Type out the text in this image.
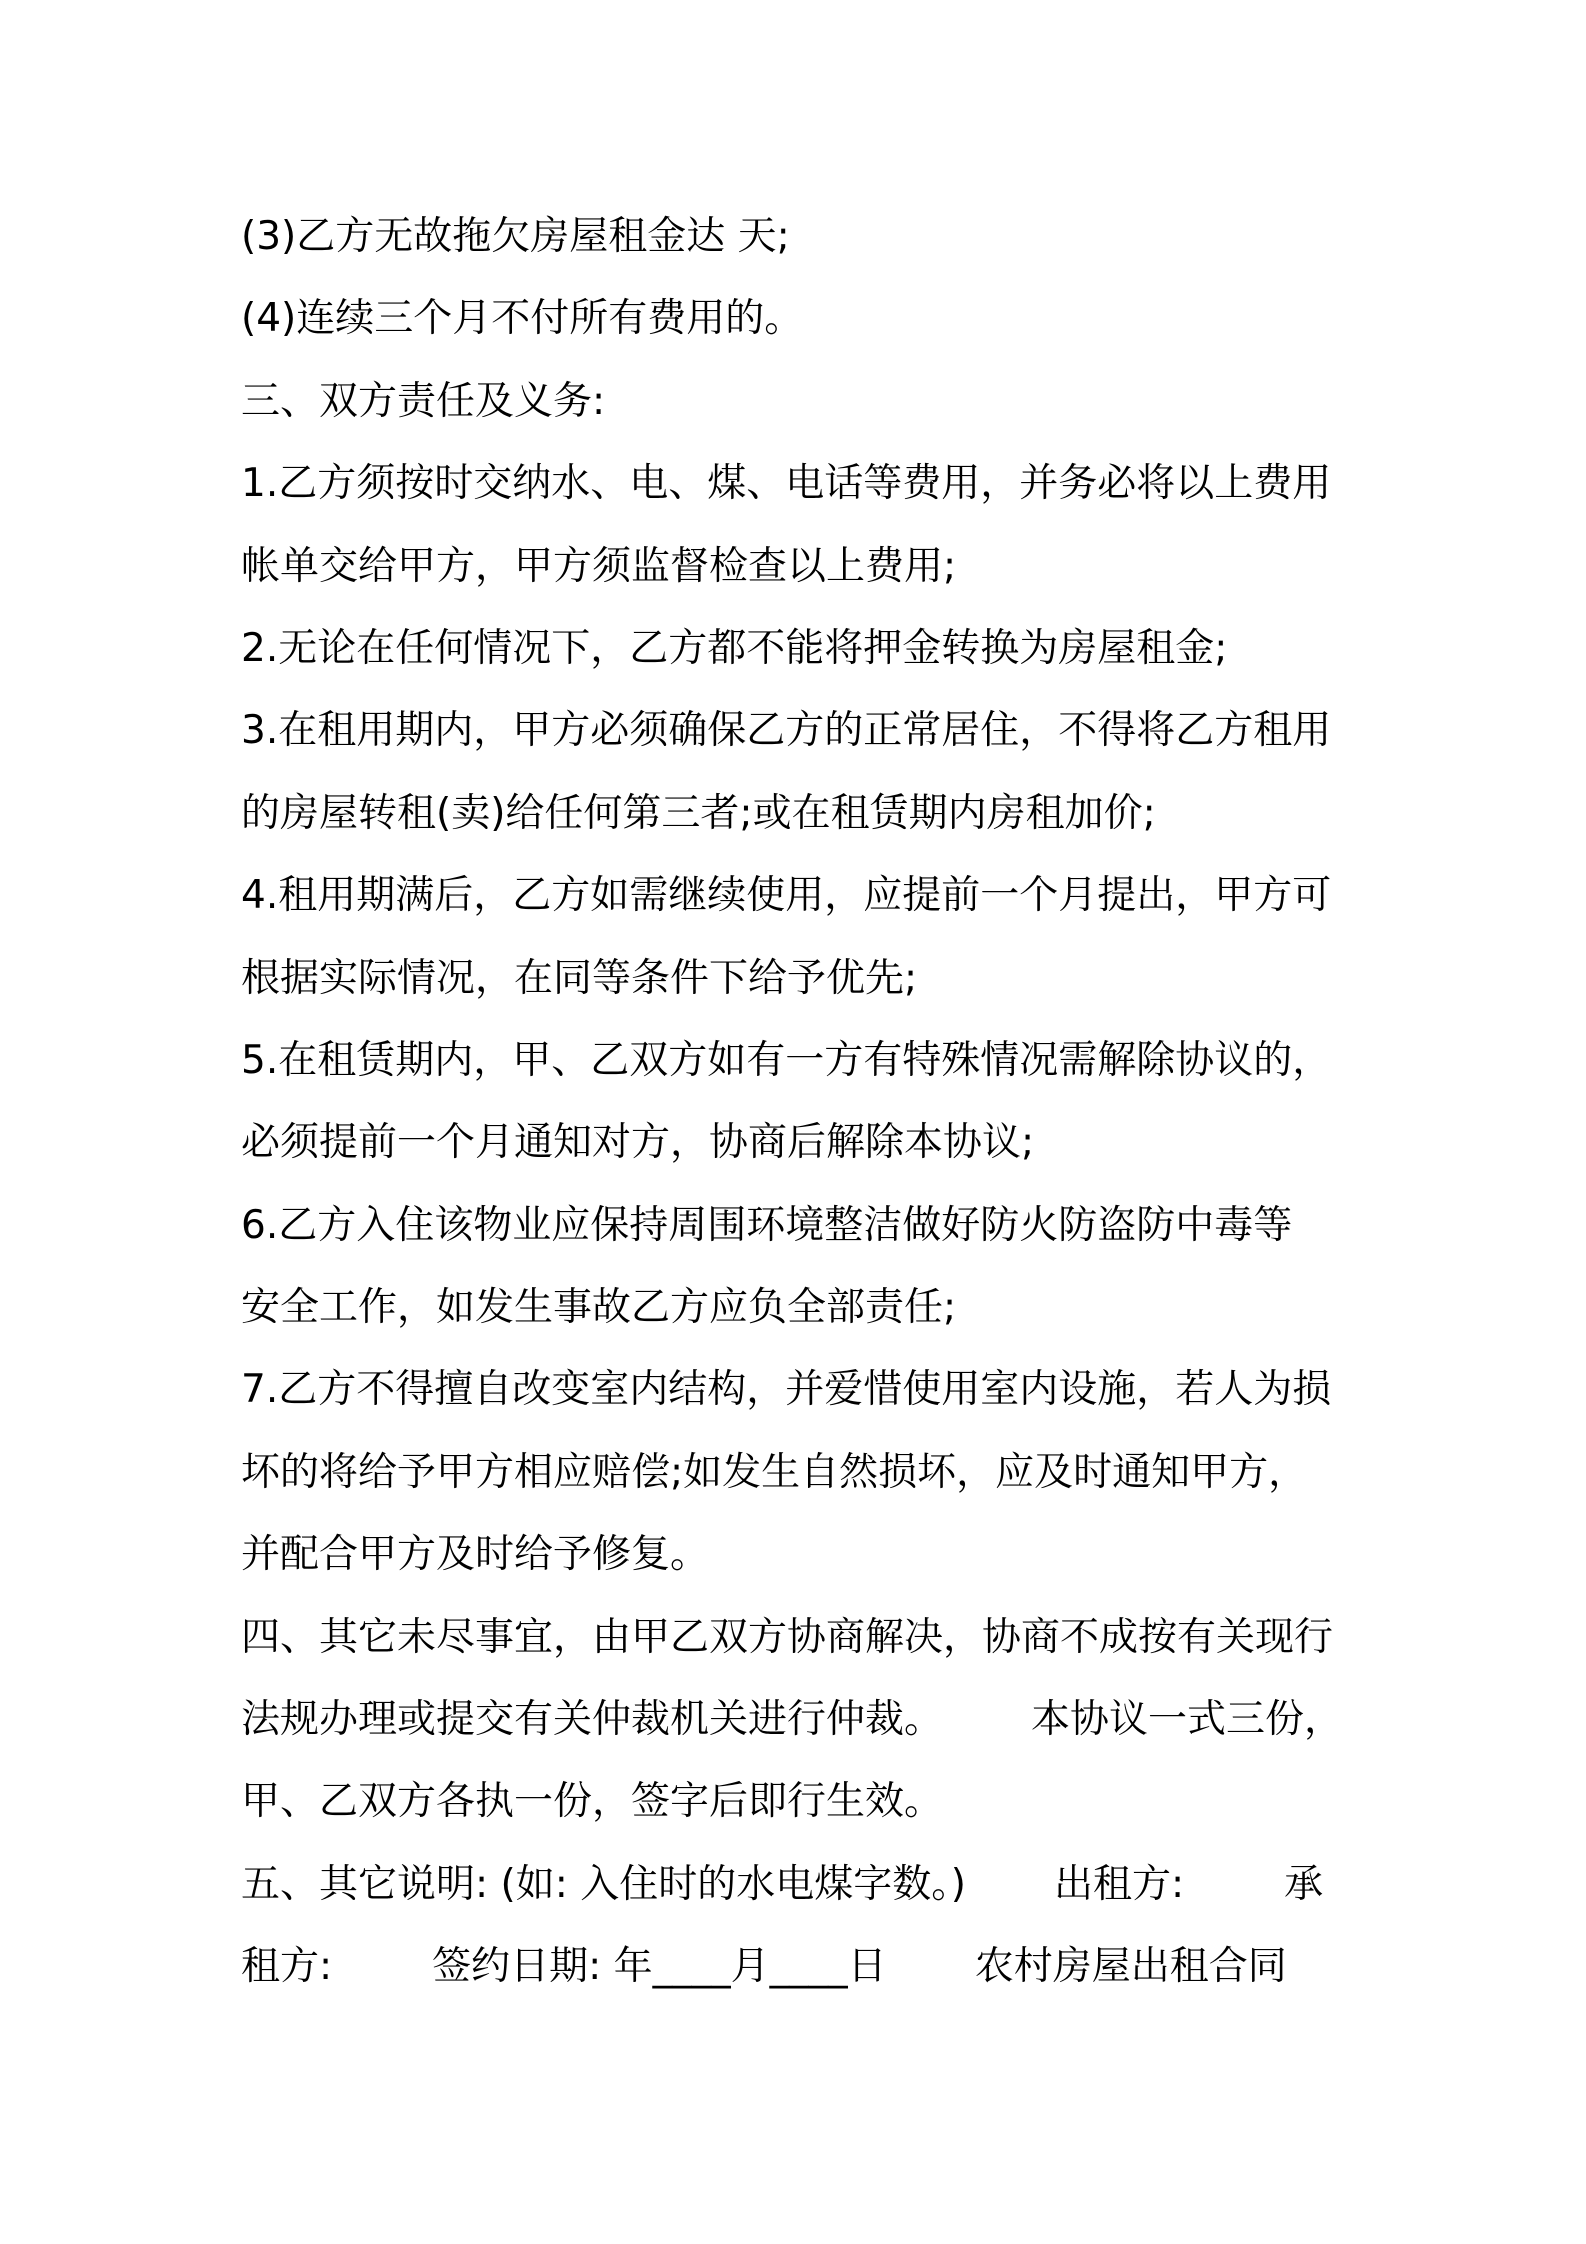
(3)乙方无故拖欠房屋租金达 天;
(4)连续三个月不付所有费用的。
三、双方责任及义务:
1.乙方须按时交纳水、电、煤、电话等费用，并务必将以上费用
帐单交给甲方，甲方须监督检查以上费用;
2.无论在任何情况下，乙方都不能将押金转换为房屋租金;
3.在租用期内，甲方必须确保乙方的正常居住，不得将乙方租用
的房屋转租(卖)给任何第三者;或在租赁期内房租加价;
4.租用期满后，乙方如需继续使用，应提前一个月提出，甲方可
根据实际情况，在同等条件下给予优先;
5.在租赁期内，甲、乙双方如有一方有特殊情况需解除协议的，
必须提前一个月通知对方，协商后解除本协议;
6.乙方入住该物业应保持周围环境整洁做好防火防盗防中毒等
安全工作，如发生事故乙方应负全部责任;
7.乙方不得擅自改变室内结构，并爱惜使用室内设施，若人为损
坏的将给予甲方相应赔偿;如发生自然损坏，应及时通知甲方，
并配合甲方及时给予修复。
四、其它未尽事宜，由甲乙双方协商解决，协商不成按有关现行
法规办理或提交有关仲裁机关进行仲裁。 本协议一式三份，
甲、乙双方各执一份，签字后即行生效。
五、其它说明: (如: 入住时的水电煤字数。) 出租方:	承
租方:	签约日期: 年____月____日 农村房屋出租合同
